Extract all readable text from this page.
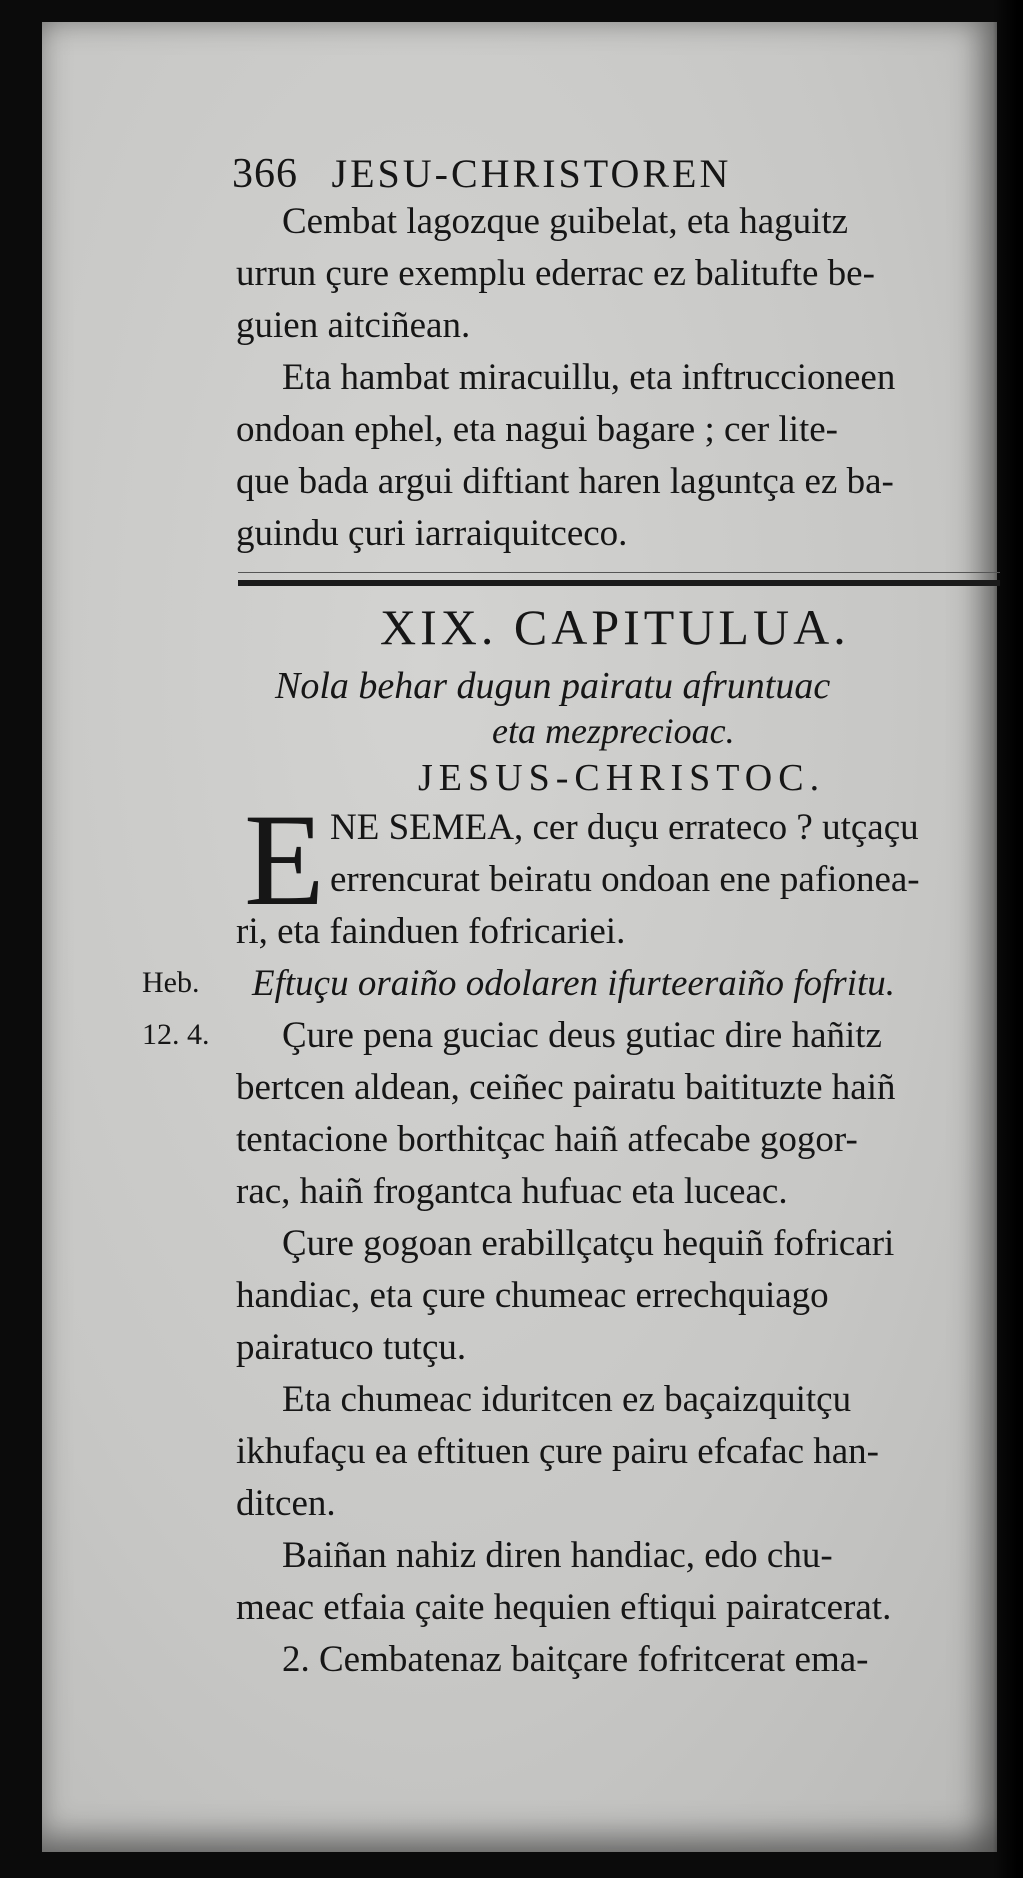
366 JESU-CHRISTOREN
Cembat lagozque guibelat, eta haguitz
urrun çure exemplu ederrac ez balitufte be-
guien aitciñean.
Eta hambat miracuillu, eta inftruccioneen
ondoan ephel, eta nagui bagare ; cer lite-
que bada argui diftiant haren laguntça ez ba-
guindu çuri iarraiquitceco.
XIX. CAPITULUA.
Nola behar dugun pairatu afruntuac
eta mezprecioac.
JESUS-CHRISTOC.
E NE SEMEA, cer duçu errateco ? utçaçu
errencurat beiratu ondoan ene pafionea-
ri, eta fainduen fofricariei.
Heb.
12. 4.
Eftuçu oraiño odolaren ifurteeraiño fofritu.
Çure pena guciac deus gutiac dire hañitz
bertcen aldean, ceiñec pairatu baitituzte haiñ
tentacione borthitçac haiñ atfecabe gogor-
rac, haiñ frogantca hufuac eta luceac.
Çure gogoan erabillçatçu hequiñ fofricari
handiac, eta çure chumeac errechquiago
pairatuco tutçu.
Eta chumeac iduritcen ez baçaizquitçu
ikhufaçu ea eftituen çure pairu efcafac han-
ditcen.
Baiñan nahiz diren handiac, edo chu-
meac etfaia çaite hequien eftiqui pairatcerat.
2. Cembatenaz baitçare fofritcerat ema-
